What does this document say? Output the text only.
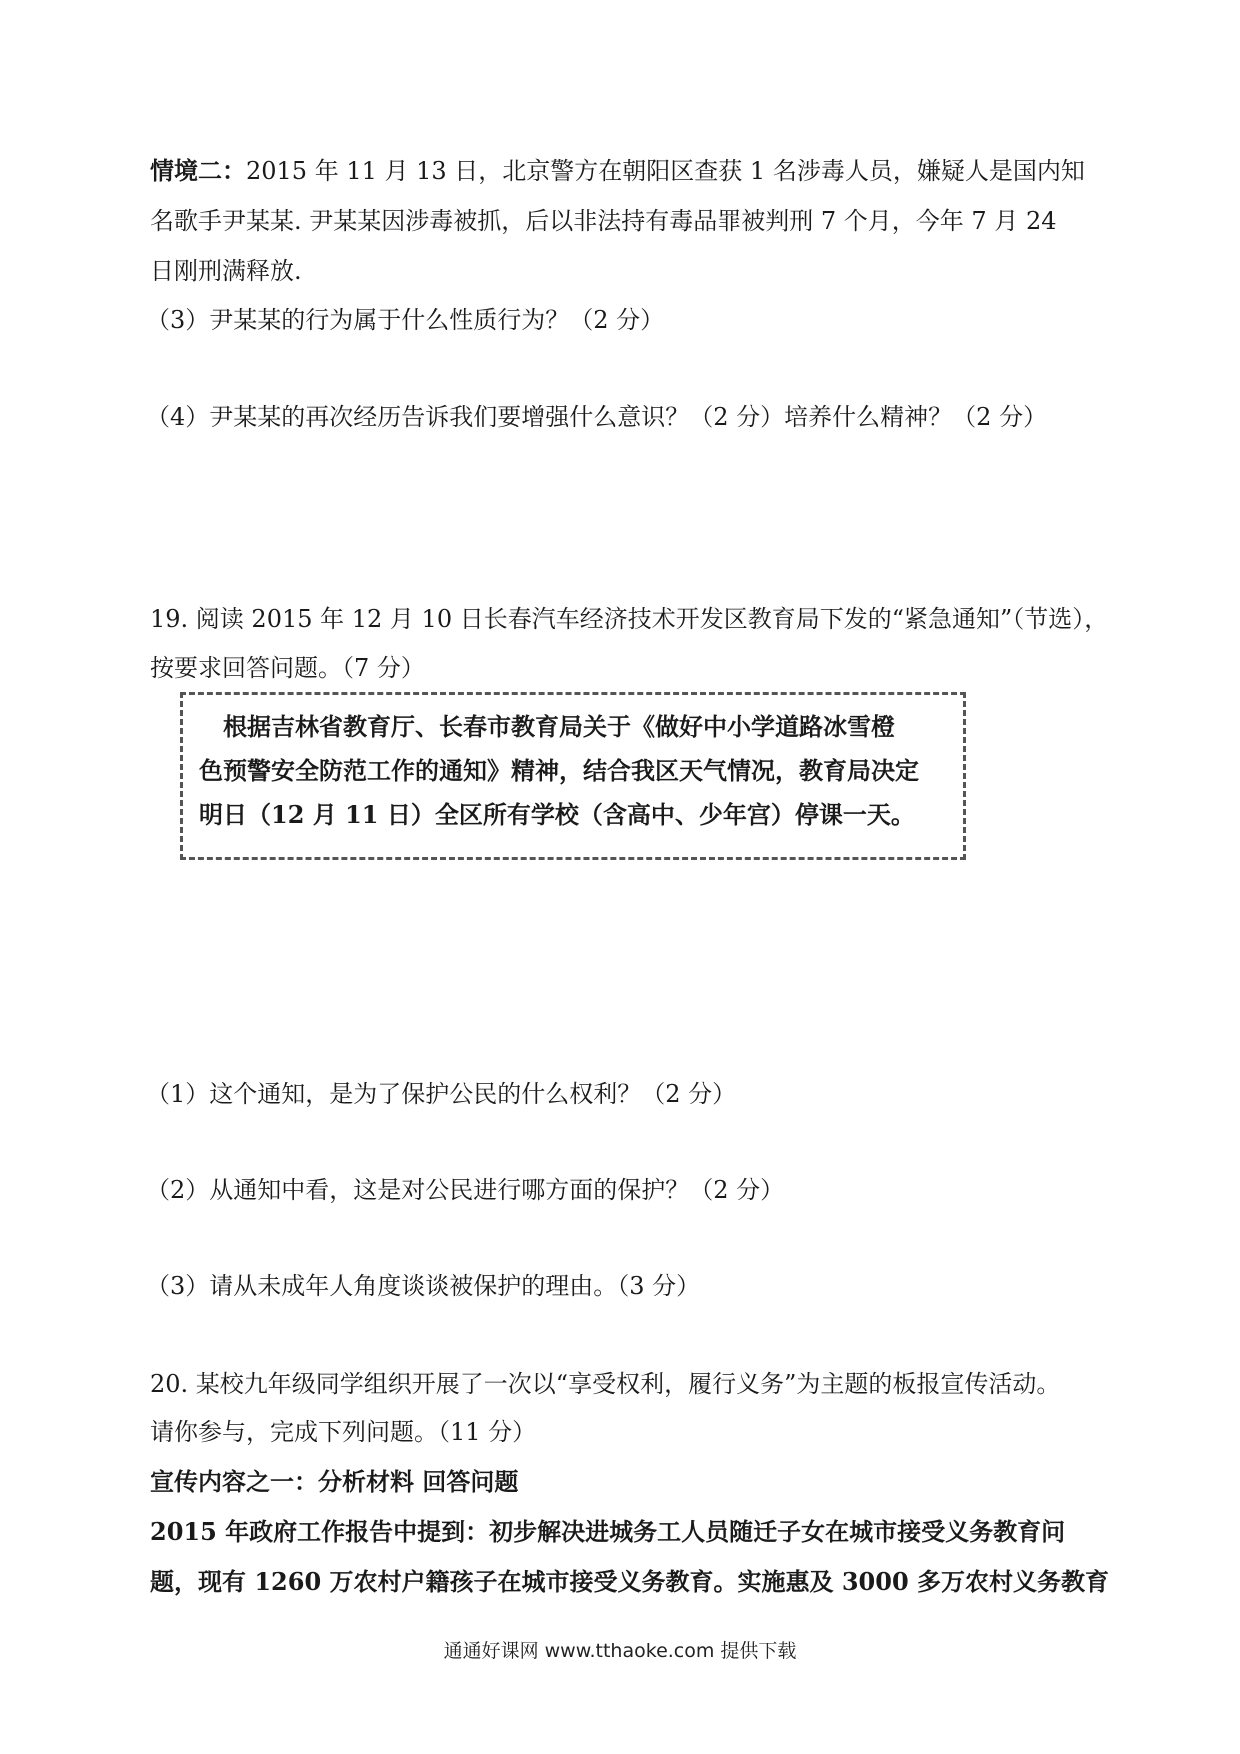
情境二：2015 年 11 月 13 日，北京警方在朝阳区查获 1 名涉毒人员，嫌疑人是国内知
名歌手尹某某. 尹某某因涉毒被抓，后以非法持有毒品罪被判刑 7 个月，今年 7 月 24
日刚刑满释放.
（3）尹某某的行为属于什么性质行为？（2 分）
（4）尹某某的再次经历告诉我们要增强什么意识？（2 分）培养什么精神？（2 分）
19. 阅读 2015 年 12 月 10 日长春汽车经济技术开发区教育局下发的“紧急通知”（节选），
按要求回答问题。（7 分）
　根据吉林省教育厅、长春市教育局关于《做好中小学道路冰雪橙
色预警安全防范工作的通知》精神，结合我区天气情况，教育局决定
明日（12 月 11 日）全区所有学校（含高中、少年宫）停课一天。
（1）这个通知，是为了保护公民的什么权利？（2 分）
（2）从通知中看，这是对公民进行哪方面的保护？（2 分）
（3）请从未成年人角度谈谈被保护的理由。（3 分）
20. 某校九年级同学组织开展了一次以“享受权利，履行义务”为主题的板报宣传活动。
请你参与，完成下列问题。（11 分）
宣传内容之一：分析材料 回答问题
2015 年政府工作报告中提到：初步解决进城务工人员随迁子女在城市接受义务教育问
题，现有 1260 万农村户籍孩子在城市接受义务教育。实施惠及 3000 多万农村义务教育
通通好课网 www.tthaoke.com 提供下载
